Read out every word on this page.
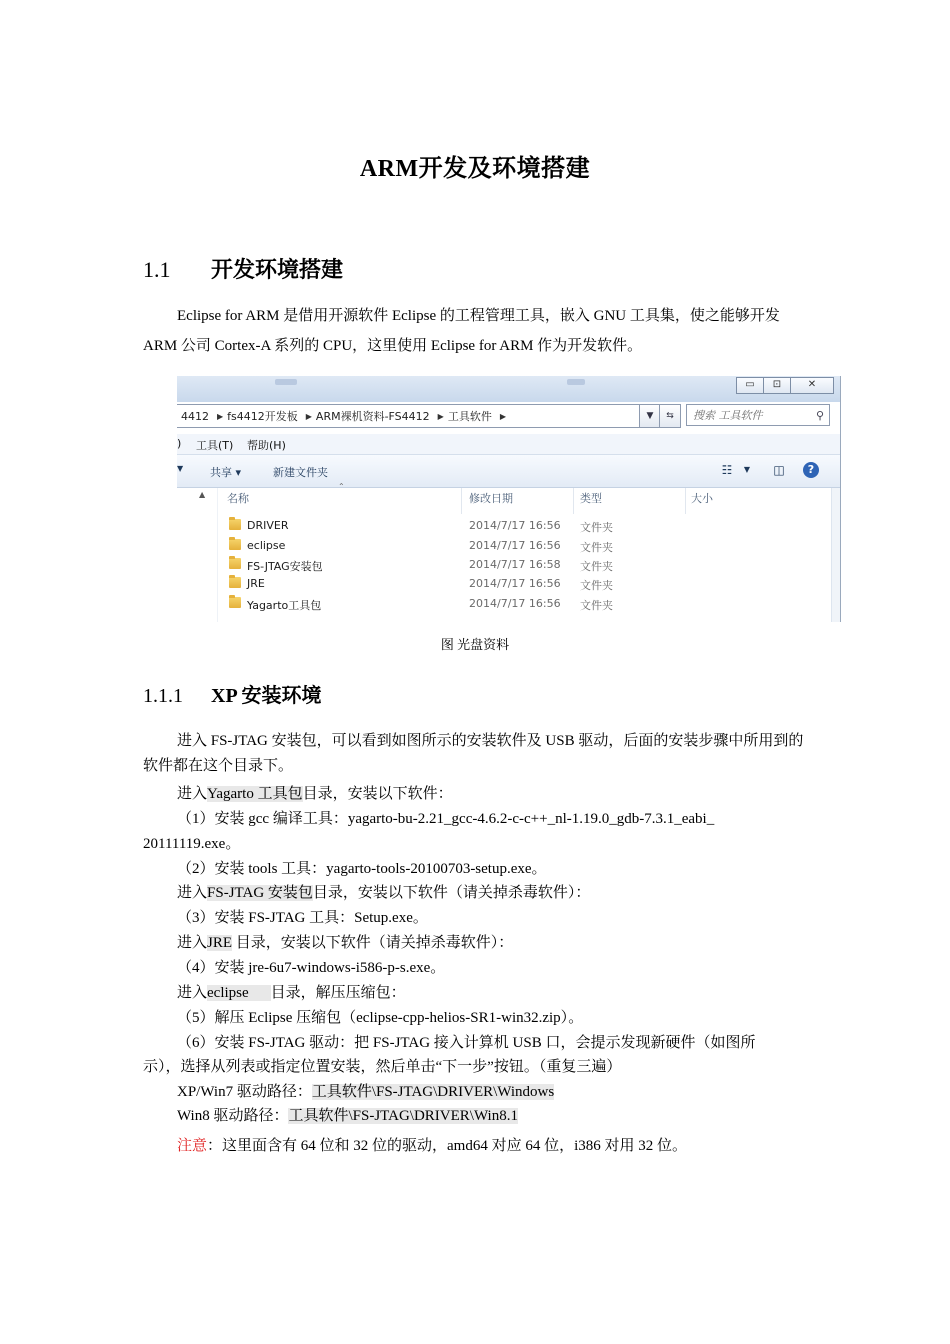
ARM开发及环境搭建
1.1 开发环境搭建
Eclipse for ARM 是借用开源软件 Eclipse 的工程管理工具，嵌入 GNU 工具集，使之能够开发 ARM 公司 Cortex-A 系列的 CPU，这里使用 Eclipse for ARM 作为开发软件。
▭	⊡	✕
4412 ▶ fs4412开发板 ▶ ARM裸机资料-FS4412 ▶ 工具软件 ▶	▼	⇆	搜索 工具软件	⚲
) 工具(T) 帮助(H)
▼ 共享 ▾	新建文件夹	☷	▼	◫	?
▲
⌃
名称	修改日期	类型	大小
DRIVER	2014/7/17 16:56 文件夹
eclipse	2014/7/17 16:56 文件夹
FS-JTAG安装包	2014/7/17 16:58 文件夹
JRE	2014/7/17 16:56 文件夹
Yagarto工具包	2014/7/17 16:56 文件夹
图 光盘资料
1.1.1 XP 安装环境
进入 FS-JTAG 安装包，可以看到如图所示的安装软件及 USB 驱动，后面的安装步骤中所用到的软件都在这个目录下。
进入Yagarto 工具包目录，安装以下软件：
（1）安装 gcc 编译工具：yagarto-bu-2.21_gcc-4.6.2-c-c++_nl-1.19.0_gdb-7.3.1_eabi_
20111119.exe。
（2）安装 tools 工具：yagarto-tools-20100703-setup.exe。
进入FS-JTAG 安装包目录，安装以下软件（请关掉杀毒软件）：
（3）安装 FS-JTAG 工具：Setup.exe。
进入JRE 目录，安装以下软件（请关掉杀毒软件）：
（4）安装 jre-6u7-windows-i586-p-s.exe。
进入eclipse 目录，解压压缩包：
（5）解压 Eclipse 压缩包（eclipse-cpp-helios-SR1-win32.zip）。
（6）安装 FS-JTAG 驱动：把 FS-JTAG 接入计算机 USB 口，会提示发现新硬件（如图所
示），选择从列表或指定位置安装，然后单击“下一步”按钮。（重复三遍）
XP/Win7 驱动路径：工具软件\FS-JTAG\DRIVER\Windows
Win8 驱动路径：工具软件\FS-JTAG\DRIVER\Win8.1
注意：这里面含有 64 位和 32 位的驱动，amd64 对应 64 位，i386 对用 32 位。
